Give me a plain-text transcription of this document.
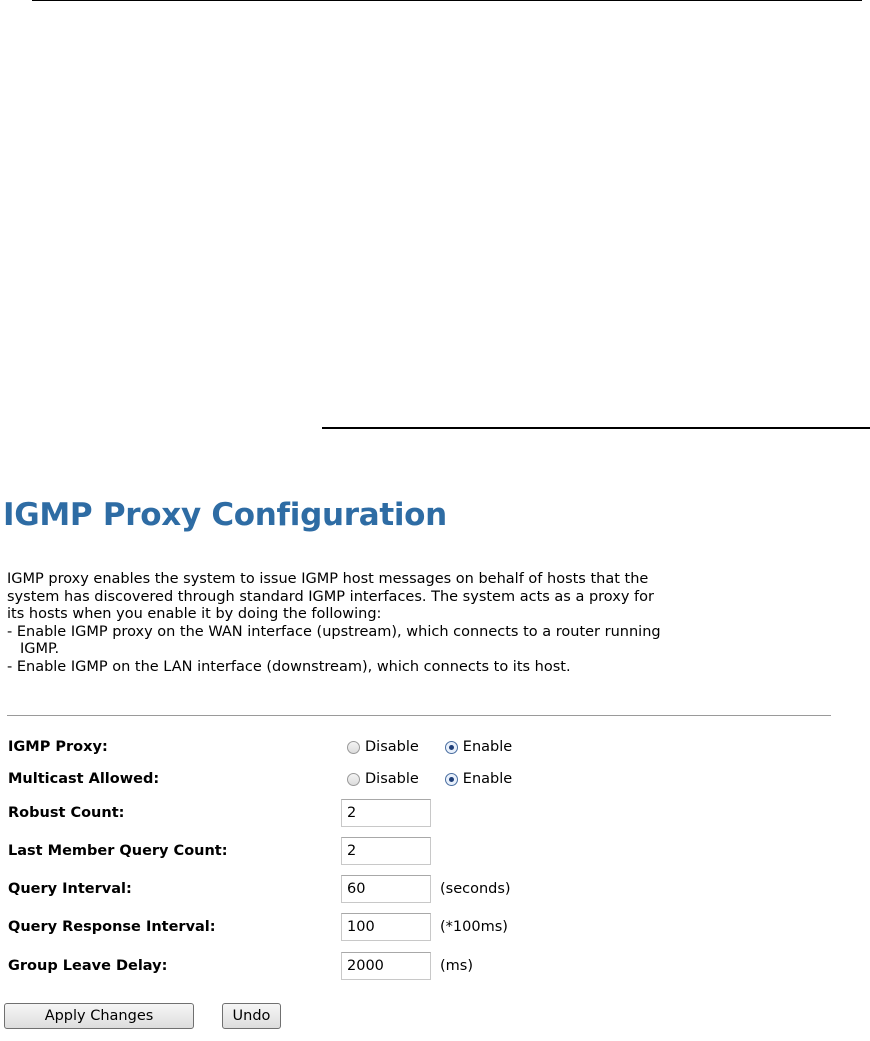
IGMP Proxy Configuration
IGMP proxy enables the system to issue IGMP host messages on behalf of hosts that the
system has discovered through standard IGMP interfaces. The system acts as a proxy for
its hosts when you enable it by doing the following:
- Enable IGMP proxy on the WAN interface (upstream), which connects to a router running
IGMP.
- Enable IGMP on the LAN interface (downstream), which connects to its host.
IGMP Proxy:	Disable	Enable
Multicast Allowed:	Disable	Enable
Robust Count:
2
Last Member Query Count:
2
Query Interval:
60	(seconds)
Query Response Interval:
100	(*100ms)
Group Leave Delay:
2000	(ms)
Apply Changes	Undo
